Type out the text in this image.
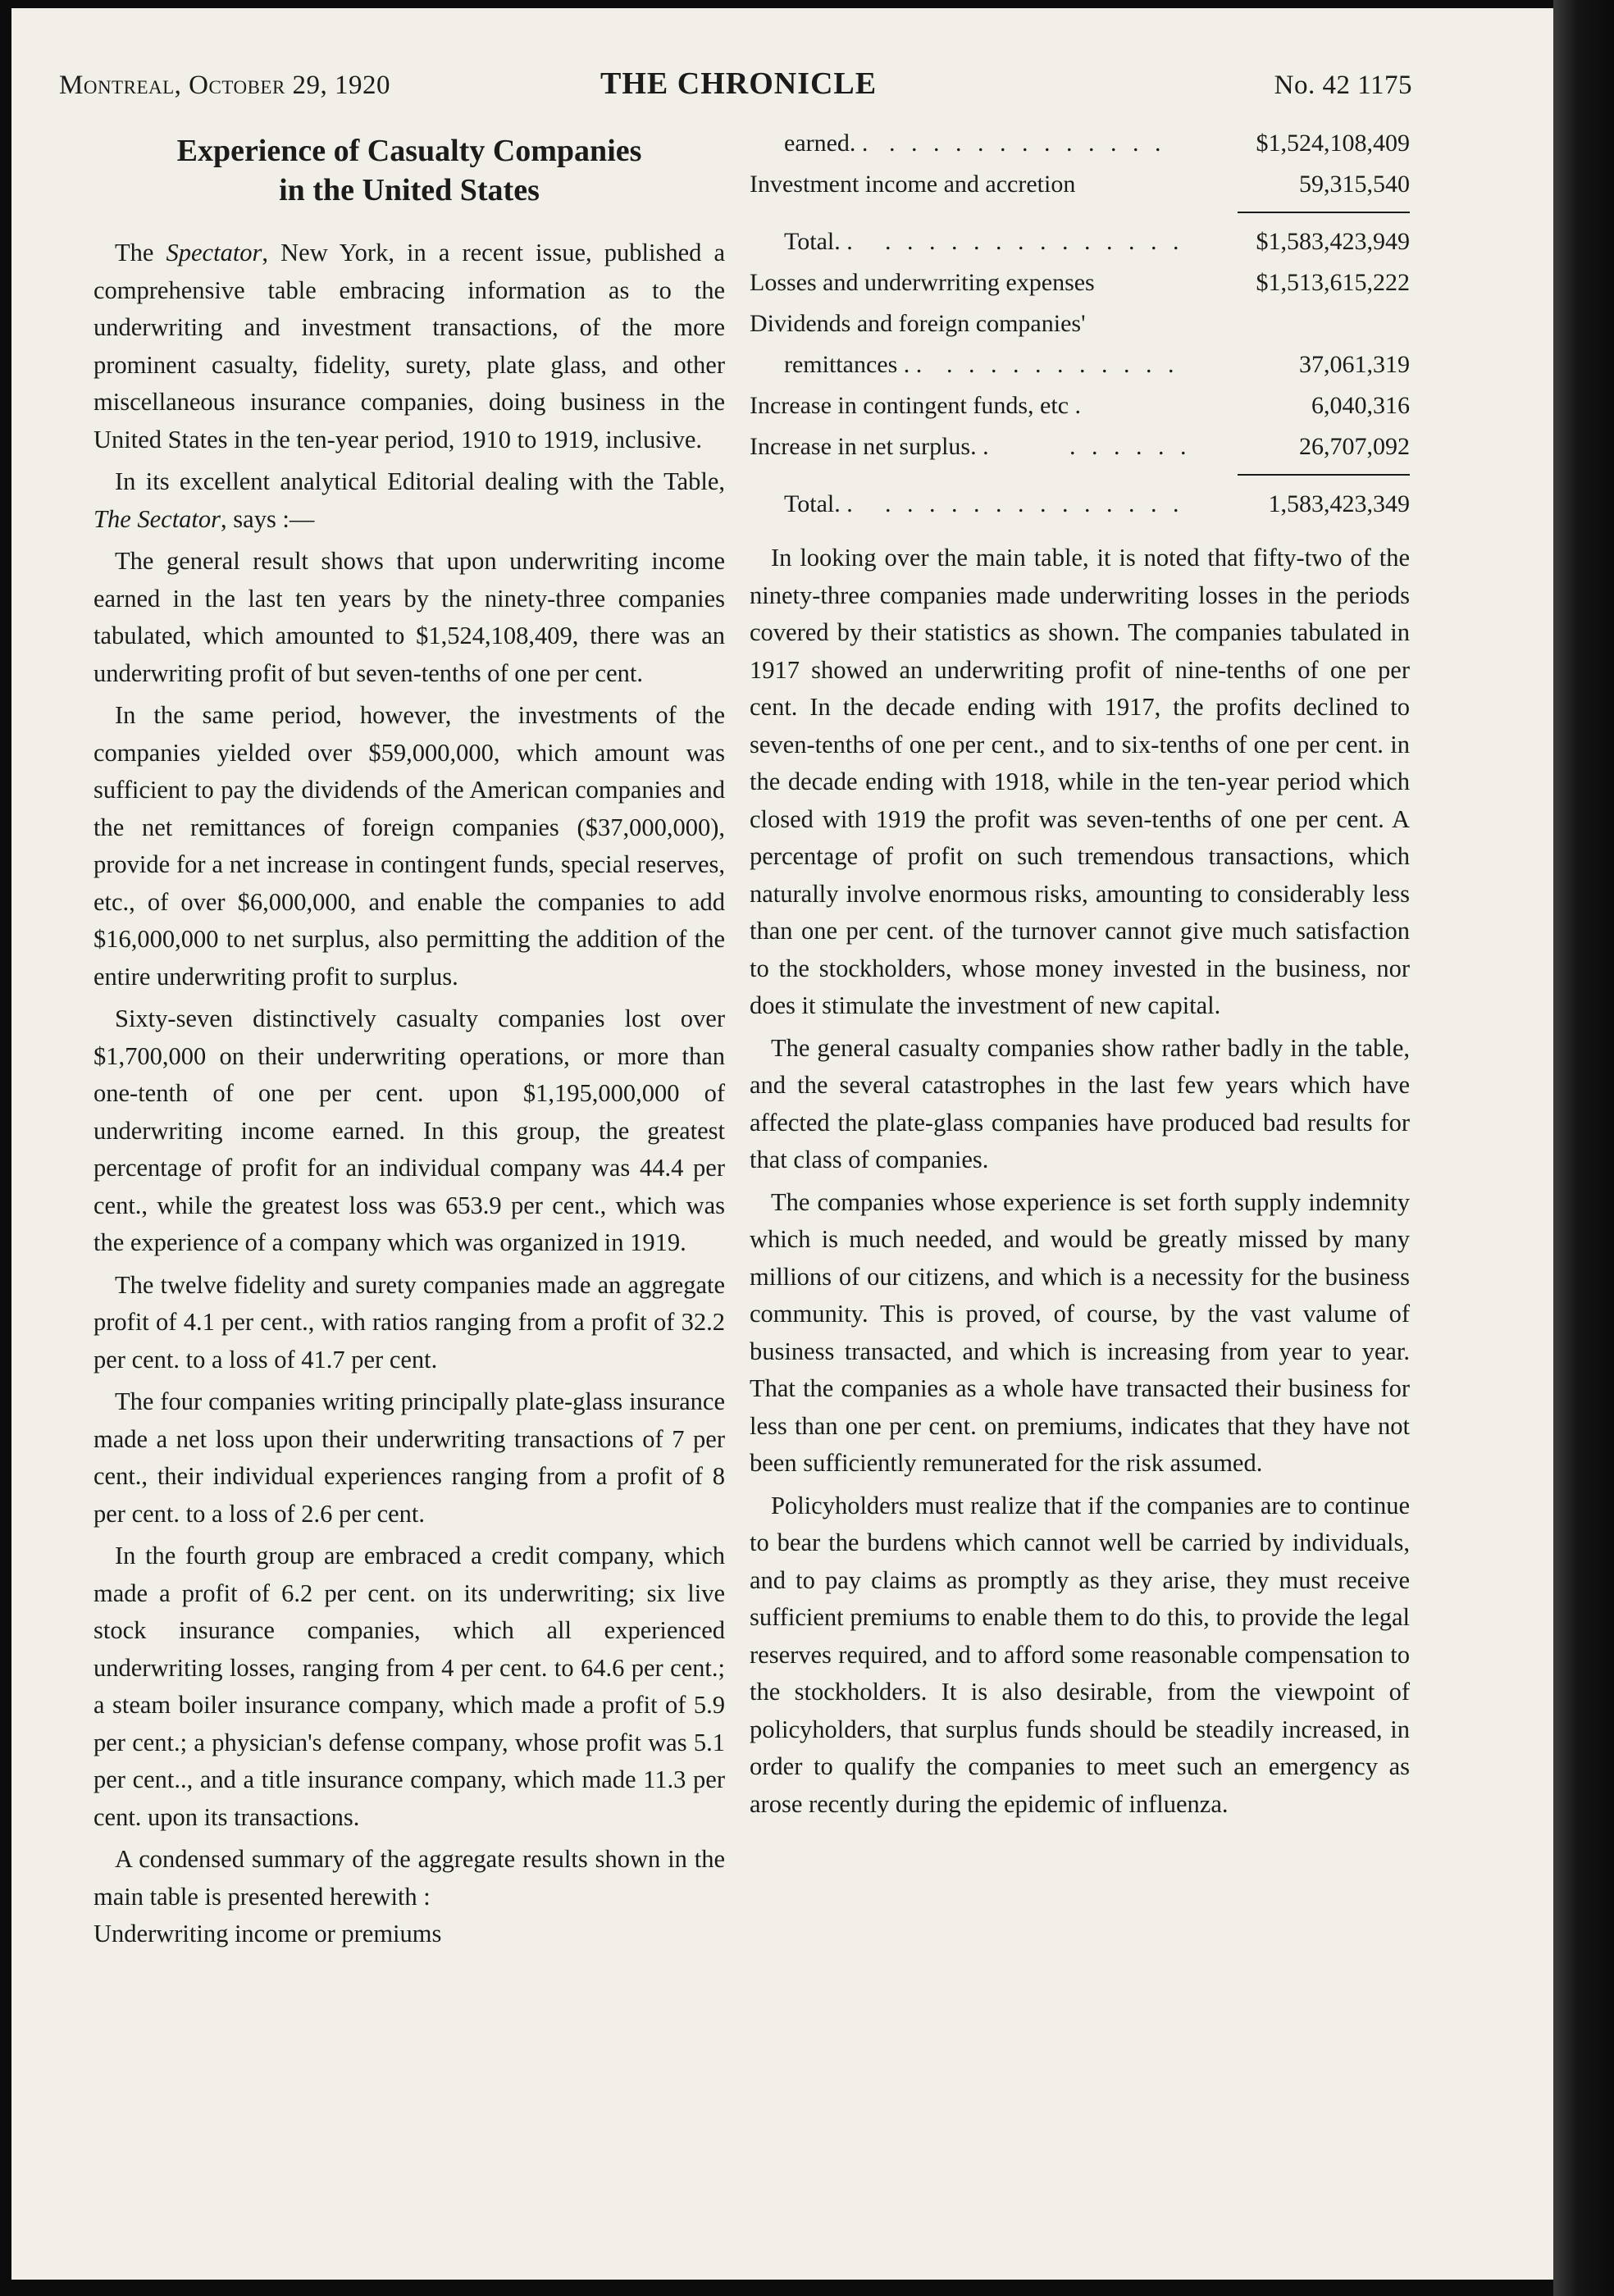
Montreal, October 29, 1920	THE CHRONICLE	No. 42 1175
Experience of Casualty Companies
in the United States

The Spectator, New York, in a recent issue, published a comprehensive table embracing information as to the underwriting and investment transactions, of the more prominent casualty, fidelity, surety, plate glass, and other miscellaneous insurance companies, doing business in the United States in the ten-year period, 1910 to 1919, inclusive.

In its excellent analytical Editorial dealing with the Table, The Sectator, says :—

The general result shows that upon underwriting income earned in the last ten years by the ninety-three companies tabulated, which amounted to $1,524,108,409, there was an underwriting profit of but seven-tenths of one per cent.

In the same period, however, the investments of the companies yielded over $59,000,000, which amount was sufficient to pay the dividends of the American companies and the net remittances of foreign companies ($37,000,000), provide for a net increase in contingent funds, special reserves, etc., of over $6,000,000, and enable the companies to add $16,000,000 to net surplus, also permitting the addition of the entire underwriting profit to surplus.

Sixty-seven distinctively casualty companies lost over $1,700,000 on their underwriting operations, or more than one-tenth of one per cent. upon $1,195,000,000 of underwriting income earned. In this group, the greatest percentage of profit for an individual company was 44.4 per cent., while the greatest loss was 653.9 per cent., which was the experience of a company which was organized in 1919.

The twelve fidelity and surety companies made an aggregate profit of 4.1 per cent., with ratios ranging from a profit of 32.2 per cent. to a loss of 41.7 per cent.

The four companies writing principally plate-glass insurance made a net loss upon their underwriting transactions of 7 per cent., their individual experiences ranging from a profit of 8 per cent. to a loss of 2.6 per cent.

In the fourth group are embraced a credit company, which made a profit of 6.2 per cent. on its underwriting; six live stock insurance companies, which all experienced underwriting losses, ranging from 4 per cent. to 64.6 per cent.; a steam boiler insurance company, which made a profit of 5.9 per cent.; a physician's defense company, whose profit was 5.1 per cent.., and a title insurance company, which made 11.3 per cent. upon its transactions.

A condensed summary of the aggregate results shown in the main table is presented herewith :

Underwriting income or premiums

earned. . . . . . . . . . . . . . .	$1,524,108,409
Investment income and accretion	59,315,540
Total. . . . . . . . . . . . . . . .	$1,583,423,949
Losses and underwrriting expenses	$1,513,615,222
Dividends and foreign companies'
remittances . . . . . . . . . . . . .	37,061,319
Increase in contingent funds, etc .	6,040,316
Increase in net surplus. .	. . . . . .	26,707,092
Total. . . . . . . . . . . . . . . .	1,583,423,349

In looking over the main table, it is noted that fifty-two of the ninety-three companies made underwriting losses in the periods covered by their statistics as shown. The companies tabulated in 1917 showed an underwriting profit of nine-tenths of one per cent. In the decade ending with 1917, the profits declined to seven-tenths of one per cent., and to six-tenths of one per cent. in the decade ending with 1918, while in the ten-year period which closed with 1919 the profit was seven-tenths of one per cent. A percentage of profit on such tremendous transactions, which naturally involve enormous risks, amounting to considerably less than one per cent. of the turnover cannot give much satisfaction to the stockholders, whose money invested in the business, nor does it stimulate the investment of new capital.

The general casualty companies show rather badly in the table, and the several catastrophes in the last few years which have affected the plate-glass companies have produced bad results for that class of companies.

The companies whose experience is set forth supply indemnity which is much needed, and would be greatly missed by many millions of our citizens, and which is a necessity for the business community. This is proved, of course, by the vast valume of business transacted, and which is increasing from year to year. That the companies as a whole have transacted their business for less than one per cent. on premiums, indicates that they have not been sufficiently remunerated for the risk assumed.

Policyholders must realize that if the companies are to continue to bear the burdens which cannot well be carried by individuals, and to pay claims as promptly as they arise, they must receive sufficient premiums to enable them to do this, to provide the legal reserves required, and to afford some reasonable compensation to the stockholders. It is also desirable, from the viewpoint of policyholders, that surplus funds should be steadily increased, in order to qualify the companies to meet such an emergency as arose recently during the epidemic of influenza.
